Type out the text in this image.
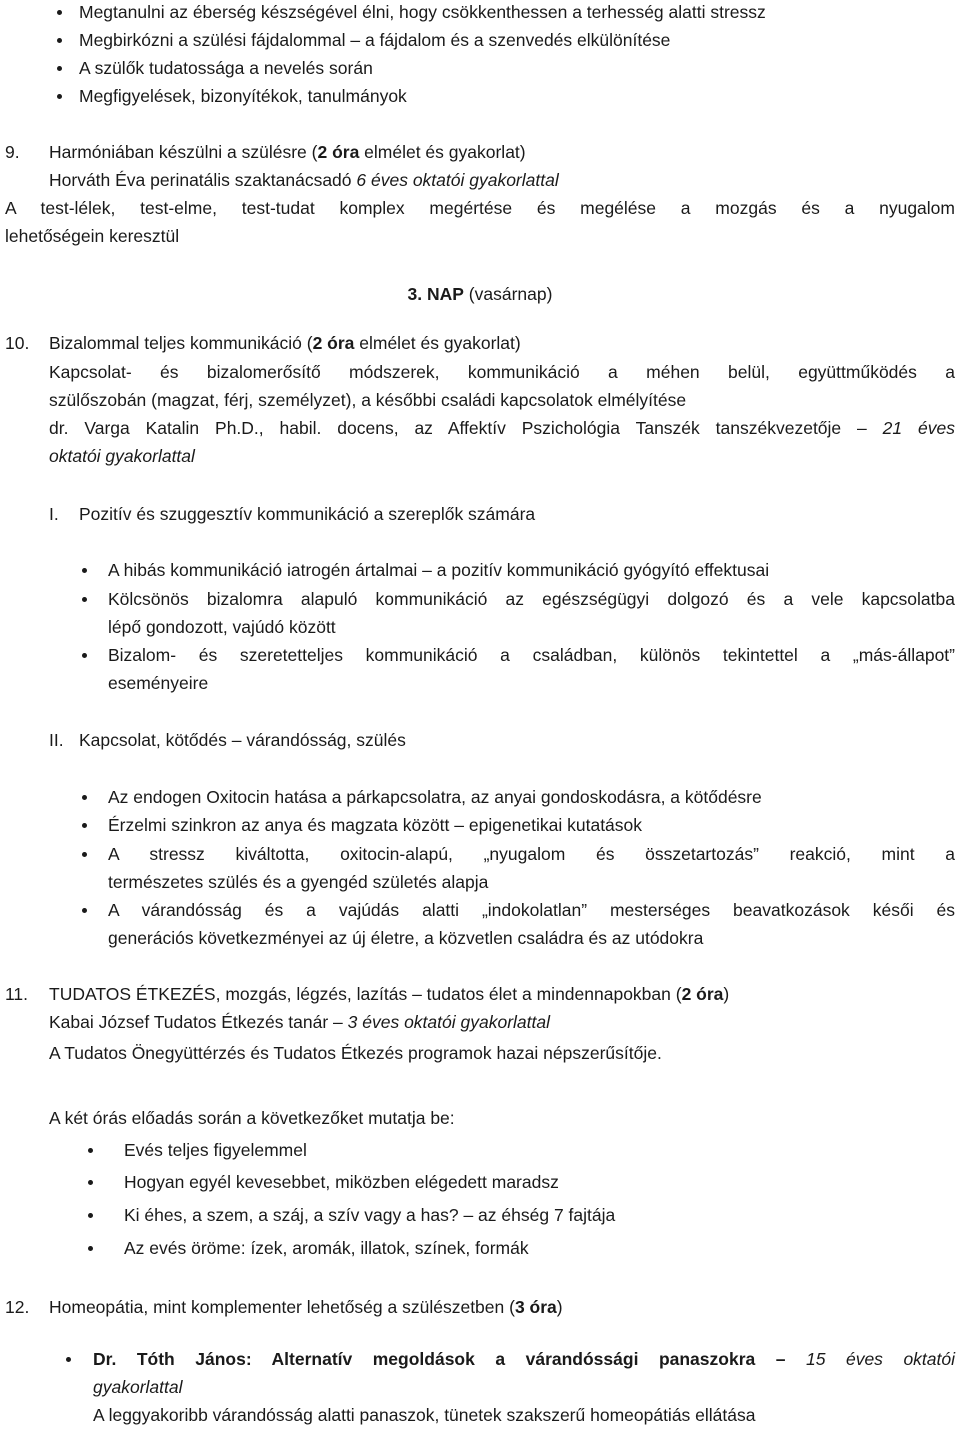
Megtanulni az éberség készségével élni, hogy csökkenthessen a terhesség alatti stressz
Megbirkózni a szülési fájdalommal – a fájdalom és a szenvedés elkülönítése
A szülők tudatossága a nevelés során
Megfigyelések, bizonyítékok, tanulmányok
9. Harmóniában készülni a szülésre (2 óra elmélet és gyakorlat)
Horváth Éva perinatális szaktanácsadó 6 éves oktatói gyakorlattal
A test-lélek, test-elme, test-tudat komplex megértése és megélése a mozgás és a nyugalom
lehetőségein keresztül
3. NAP (vasárnap)
10. Bizalommal teljes kommunikáció (2 óra elmélet és gyakorlat)
Kapcsolat- és bizalomerősítő módszerek, kommunikáció a méhen belül, együttműködés a
szülőszobán (magzat, férj, személyzet), a későbbi családi kapcsolatok elmélyítése
dr. Varga Katalin Ph.D., habil. docens, az Affektív Pszichológia Tanszék tanszékvezetője – 21 éves
oktatói gyakorlattal
I. Pozitív és szuggesztív kommunikáció a szereplők számára
A hibás kommunikáció iatrogén ártalmai – a pozitív kommunikáció gyógyító effektusai
Kölcsönös bizalomra alapuló kommunikáció az egészségügyi dolgozó és a vele kapcsolatba
lépő gondozott, vajúdó között
Bizalom- és szeretetteljes kommunikáció a családban, különös tekintettel a „más-állapot”
eseményeire
II. Kapcsolat, kötődés – várandósság, szülés
Az endogen Oxitocin hatása a párkapcsolatra, az anyai gondoskodásra, a kötődésre
Érzelmi szinkron az anya és magzata között – epigenetikai kutatások
A stressz kiváltotta, oxitocin-alapú, „nyugalom és összetartozás” reakció, mint a
természetes szülés és a gyengéd születés alapja
A várandósság és a vajúdás alatti „indokolatlan” mesterséges beavatkozások késői és
generációs következményei az új életre, a közvetlen családra és az utódokra
11. TUDATOS ÉTKEZÉS, mozgás, légzés, lazítás – tudatos élet a mindennapokban (2 óra)
Kabai József Tudatos Étkezés tanár – 3 éves oktatói gyakorlattal
A Tudatos Önegyüttérzés és Tudatos Étkezés programok hazai népszerűsítője.
A két órás előadás során a következőket mutatja be:
Evés teljes figyelemmel
Hogyan egyél kevesebbet, miközben elégedett maradsz
Ki éhes, a szem, a száj, a szív vagy a has? – az éhség 7 fajtája
Az evés öröme: ízek, aromák, illatok, színek, formák
12. Homeopátia, mint komplementer lehetőség a szülészetben (3 óra)
Dr. Tóth János: Alternatív megoldások a várandóssági panaszokra – 15 éves oktatói
gyakorlattal
A leggyakoribb várandósság alatti panaszok, tünetek szakszerű homeopátiás ellátása
